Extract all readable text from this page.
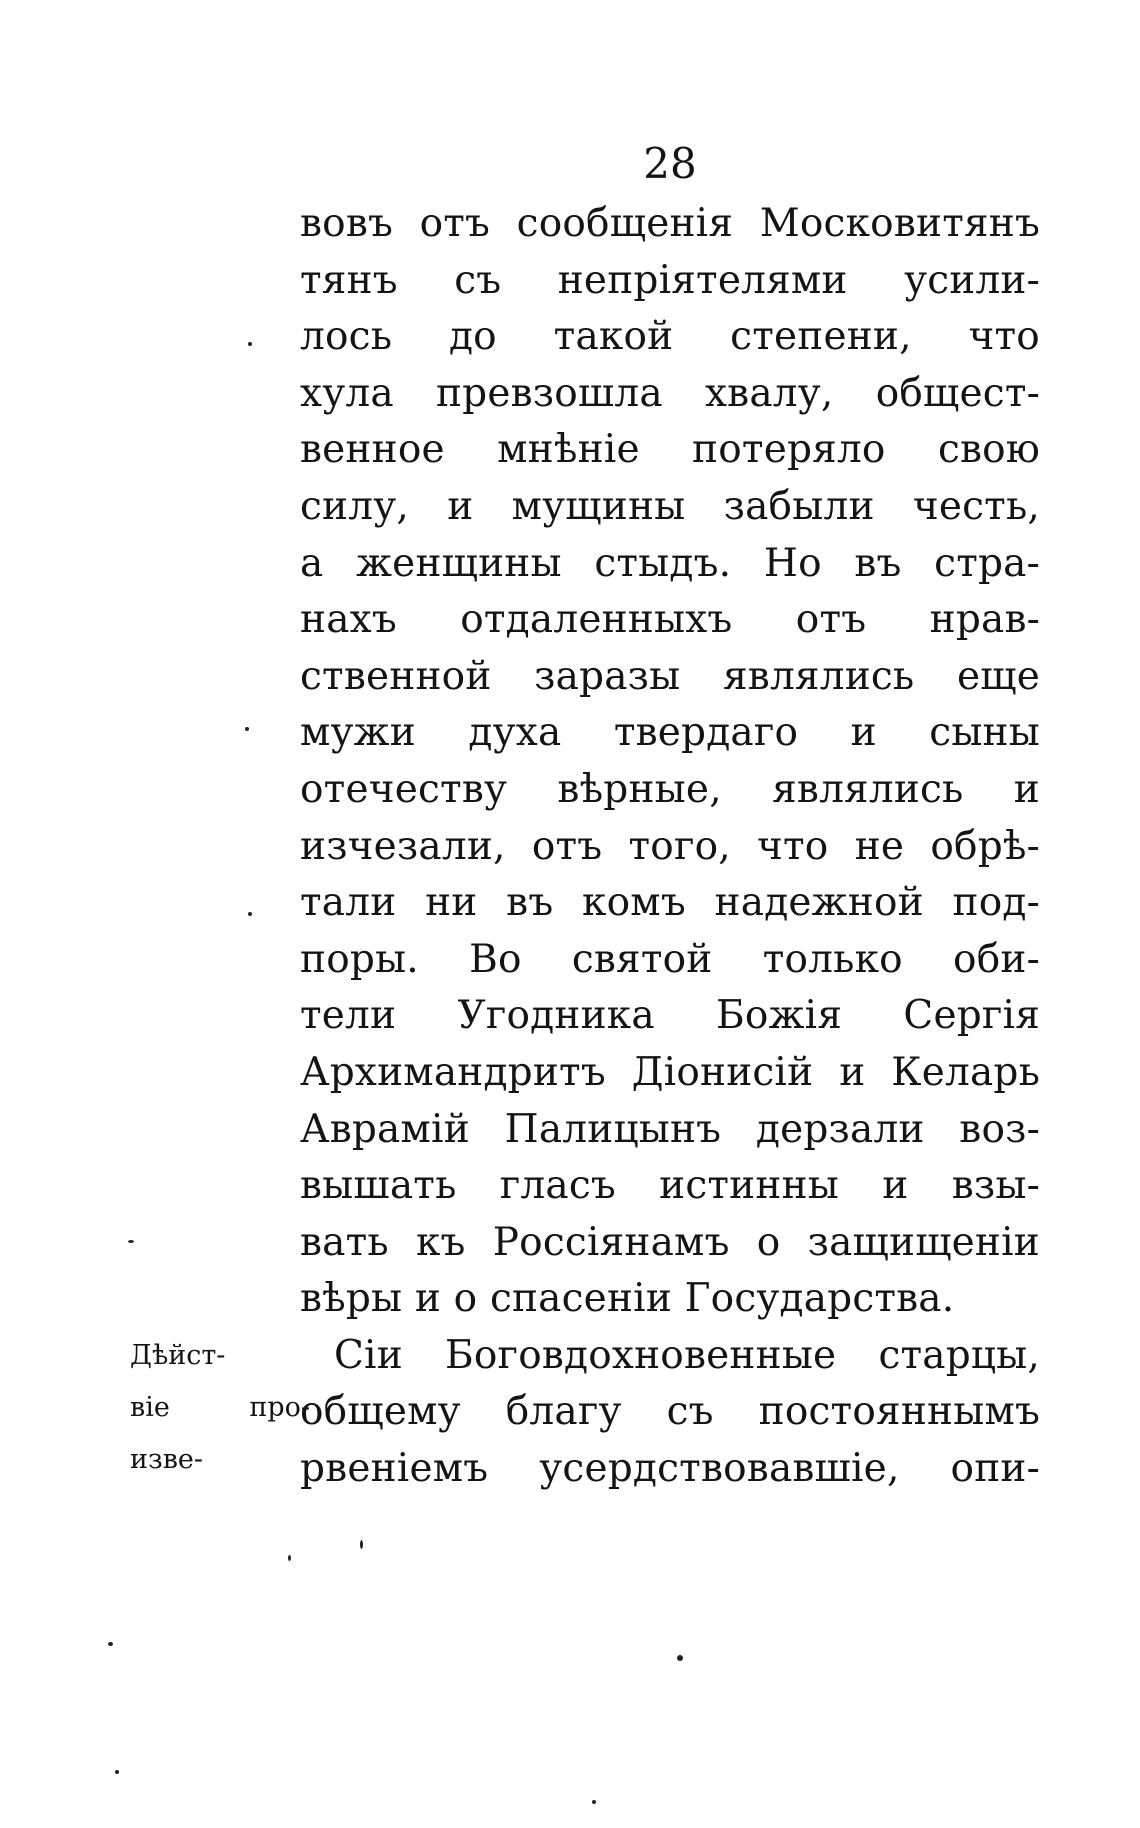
28
вовъ отъ сообщенія Московитянъ
тянъ съ непріятелями усили-
лось до такой степени, что
хула превзошла хвалу, общест-
венное мнѣніе потеряло свою
силу, и мущины забыли честь,
а женщины стыдъ. Но въ стра-
нахъ отдаленныхъ отъ нрав-
ственной заразы являлись еще
мужи духа твердаго и сыны
отечеству вѣрные, являлись и
изчезали, отъ того, что не обрѣ-
тали ни въ комъ надежной под-
поры. Во святой только оби-
тели Угодника Божія Сергія
Архимандритъ Діонисій и Келарь
Аврамій Палицынъ дерзали воз-
вышать гласъ истинны и взы-
вать къ Россіянамъ о защищеніи
вѣры и о спасеніи Государства.
Сіи Боговдохновенные старцы,
общему благу съ постояннымъ
рвеніемъ усердствовавшіе, опи-
Дѣйст-
віе про-
изве-
